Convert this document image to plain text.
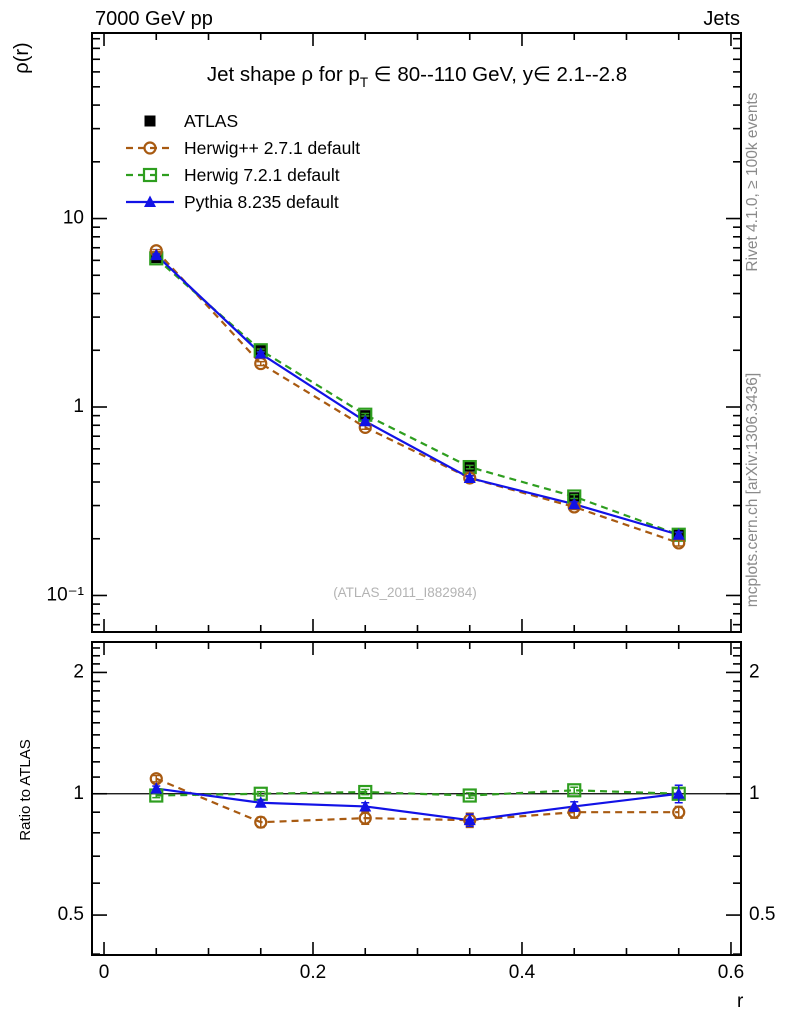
0	0.2	0.4	0.6
10
1
10⁻¹
2	2
1	1
0.5	0.5
ATLAS
Herwig++ 2.7.1 default
Herwig 7.2.1 default
Pythia 8.235 default
7000 GeV pp	Jets
Jet shape ρ for $p_T$ ∈ 80--110 GeV, y∈ 2.1--2.8
ρ(r)
Ratio to ATLAS
r
(ATLAS_2011_I882984)
Rivet 4.1.0, ≥ 100k events
mcplots.cern.ch [arXiv:1306.3436]
